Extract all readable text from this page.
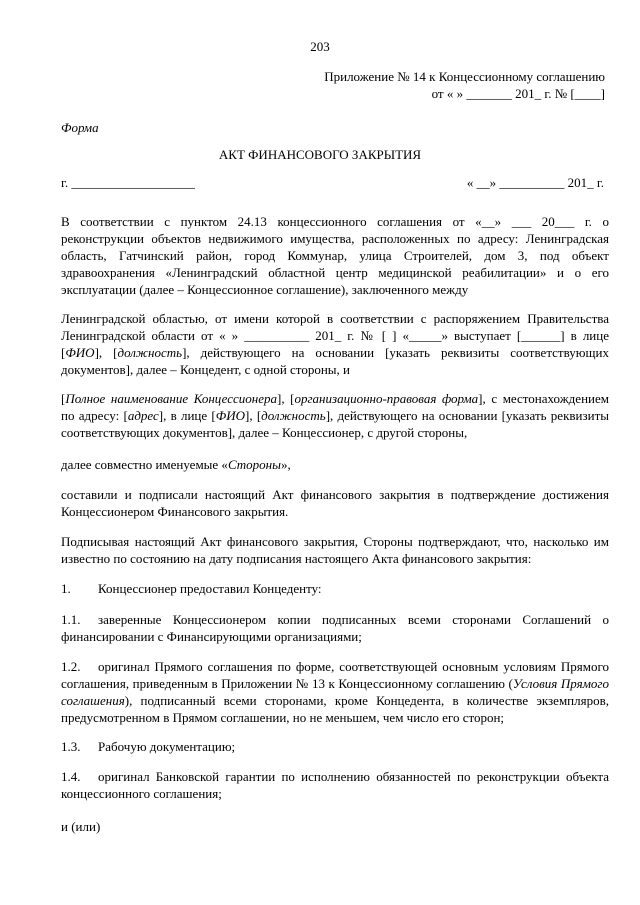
203
Приложение № 14 к Концессионному соглашению
от « » _______ 201_ г. № [____]
Форма
АКТ ФИНАНСОВОГО ЗАКРЫТИЯ
г. ___________________	« __» __________ 201_ г.
В соответствии с пунктом 24.13 концессионного соглашения от «__» ___ 20___ г. о
реконструкции объектов недвижимого имущества, расположенных по адресу: Ленинградская
область, Гатчинский район, город Коммунар, улица Строителей, дом 3, под объект
здравоохранения «Ленинградский областной центр медицинской реабилитации» и о его
эксплуатации (далее – Концессионное соглашение), заключенного между
Ленинградской областью, от имени которой в соответствии с распоряжением Правительства
Ленинградской области от « » __________ 201_ г. № [ ] «_____» выступает [______] в лице
[ФИО], [должность], действующего на основании [указать реквизиты соответствующих
документов], далее – Концедент, с одной стороны, и
[Полное наименование Концессионера], [организационно-правовая форма], с местонахождением
по адресу: [адрес], в лице [ФИО], [должность], действующего на основании [указать реквизиты
соответствующих документов], далее – Концессионер, с другой стороны,
далее совместно именуемые «Стороны»,
составили и подписали настоящий Акт финансового закрытия в подтверждение достижения
Концессионером Финансового закрытия.
Подписывая настоящий Акт финансового закрытия, Стороны подтверждают, что, насколько им
известно по состоянию на дату подписания настоящего Акта финансового закрытия:
1. Концессионер предоставил Концеденту:
1.1. заверенные Концессионером копии подписанных всеми сторонами Соглашений о
финансировании с Финансирующими организациями;
1.2. оригинал Прямого соглашения по форме, соответствующей основным условиям Прямого
соглашения, приведенным в Приложении № 13 к Концессионному соглашению (Условия Прямого
соглашения), подписанный всеми сторонами, кроме Концедента, в количестве экземпляров,
предусмотренном в Прямом соглашении, но не меньшем, чем число его сторон;
1.3. Рабочую документацию;
1.4. оригинал Банковской гарантии по исполнению обязанностей по реконструкции объекта
концессионного соглашения;
и (или)
